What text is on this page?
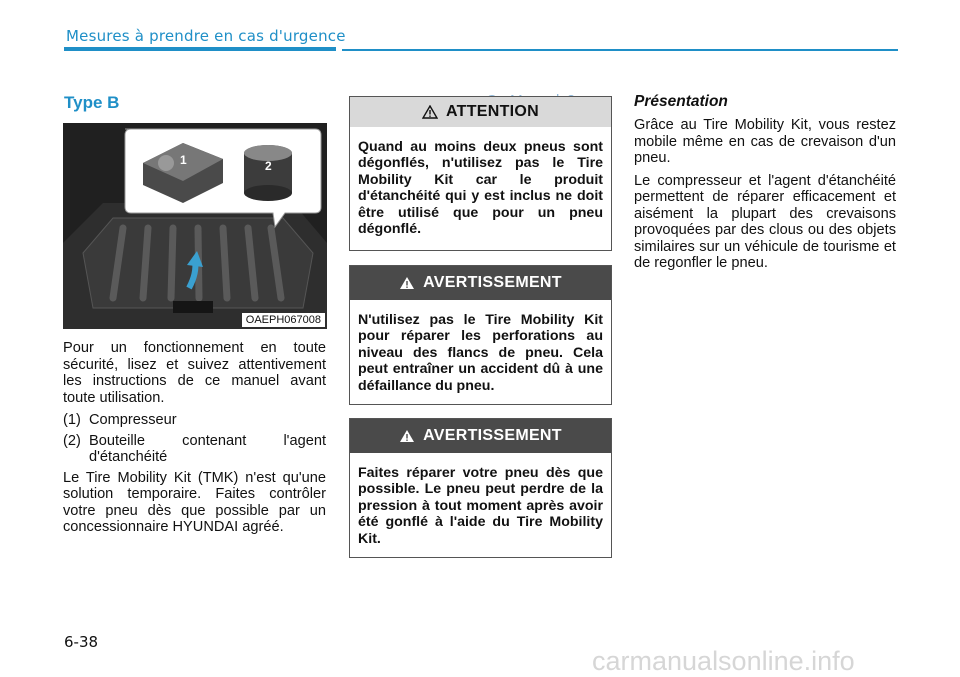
Mesures à prendre en cas d'urgence
Type B
1	2
OAEPH067008

Pour un fonctionnement en toute sécurité, lisez et suivez attentivement les instructions de ce manuel avant toute utilisation.

(1) Compresseur
(2) Bouteille contenant l'agent d'étanchéité

Le Tire Mobility Kit (TMK) n'est qu'une solution temporaire. Faites contrôler votre pneu dès que possible par un concessionnaire HYUNDAI agréé.

ATTENTION
Quand au moins deux pneus sont dégonflés, n'utilisez pas le Tire Mobility Kit car le produit d'étanchéité qui y est inclus ne doit être utilisé que pour un pneu dégonflé.
AVERTISSEMENT
N'utilisez pas le Tire Mobility Kit pour réparer les perforations au niveau des flancs de pneu. Cela peut entraîner un accident dû à une défaillance du pneu.
AVERTISSEMENT
Faites réparer votre pneu dès que possible. Le pneu peut perdre de la pression à tout moment après avoir été gonflé à l'aide du Tire Mobility Kit.
Présentation

Grâce au Tire Mobility Kit, vous restez mobile même en cas de crevaison d'un pneu.

Le compresseur et l'agent d'étanchéité permettent de réparer efficacement et aisément la plupart des crevaisons provoquées par des clous ou des objets similaires sur un véhicule de tourisme et de regonfler le pneu.

6-38
carmanualsonline.info
